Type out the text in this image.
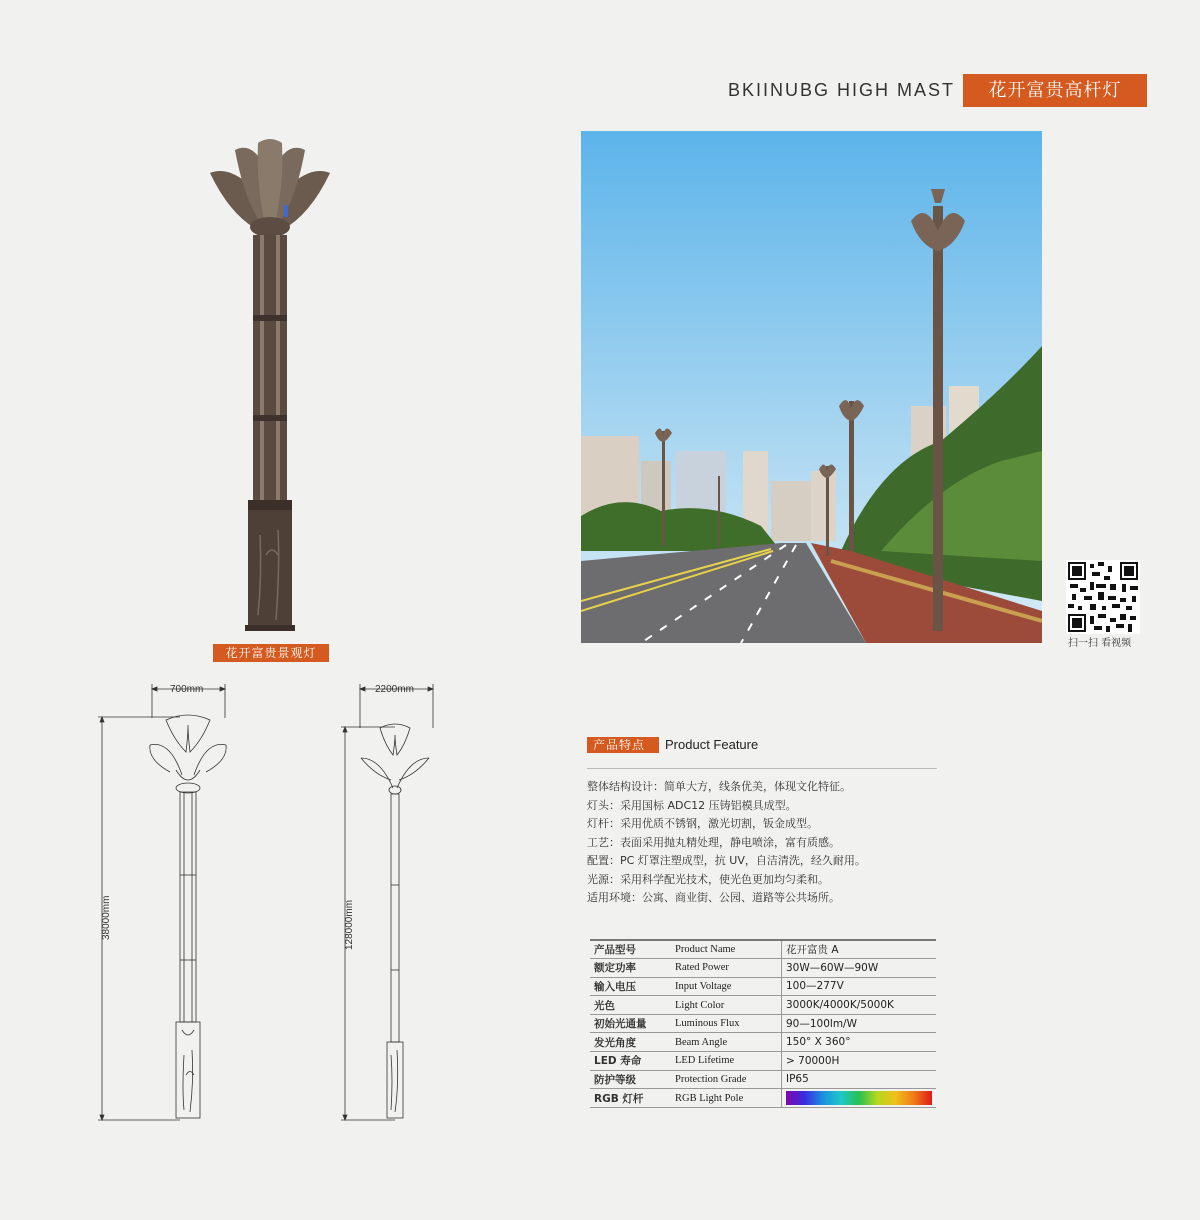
BKIINUBG HIGH MAST	花开富贵高杆灯
花开富贵景观灯
扫一扫 看视频
700mm
38000mm
2200mm
128000mm
产品特点	Product Feature
整体结构设计：简单大方，线条优美，体现文化特征。
灯头：采用国标 ADC12 压铸铝模具成型。
灯杆：采用优质不锈钢，激光切割，钣金成型。
工艺：表面采用抛丸精处理，静电喷涂，富有质感。
配置：PC 灯罩注塑成型，抗 UV，自洁清洗，经久耐用。
光源：采用科学配光技术，使光色更加均匀柔和。
适用环境：公寓、商业街、公园、道路等公共场所。
产品型号	Product Name	花开富贵 A
额定功率	Rated Power	30W—60W—90W
输入电压	Input Voltage	100—277V
光色	Light Color	3000K/4000K/5000K
初始光通量	Luminous Flux	90—100lm/W
发光角度	Beam Angle	150° X 360°
LED 寿命	LED Lifetime	> 70000H
防护等级	Protection Grade	IP65
RGB 灯杆	RGB Light Pole	
